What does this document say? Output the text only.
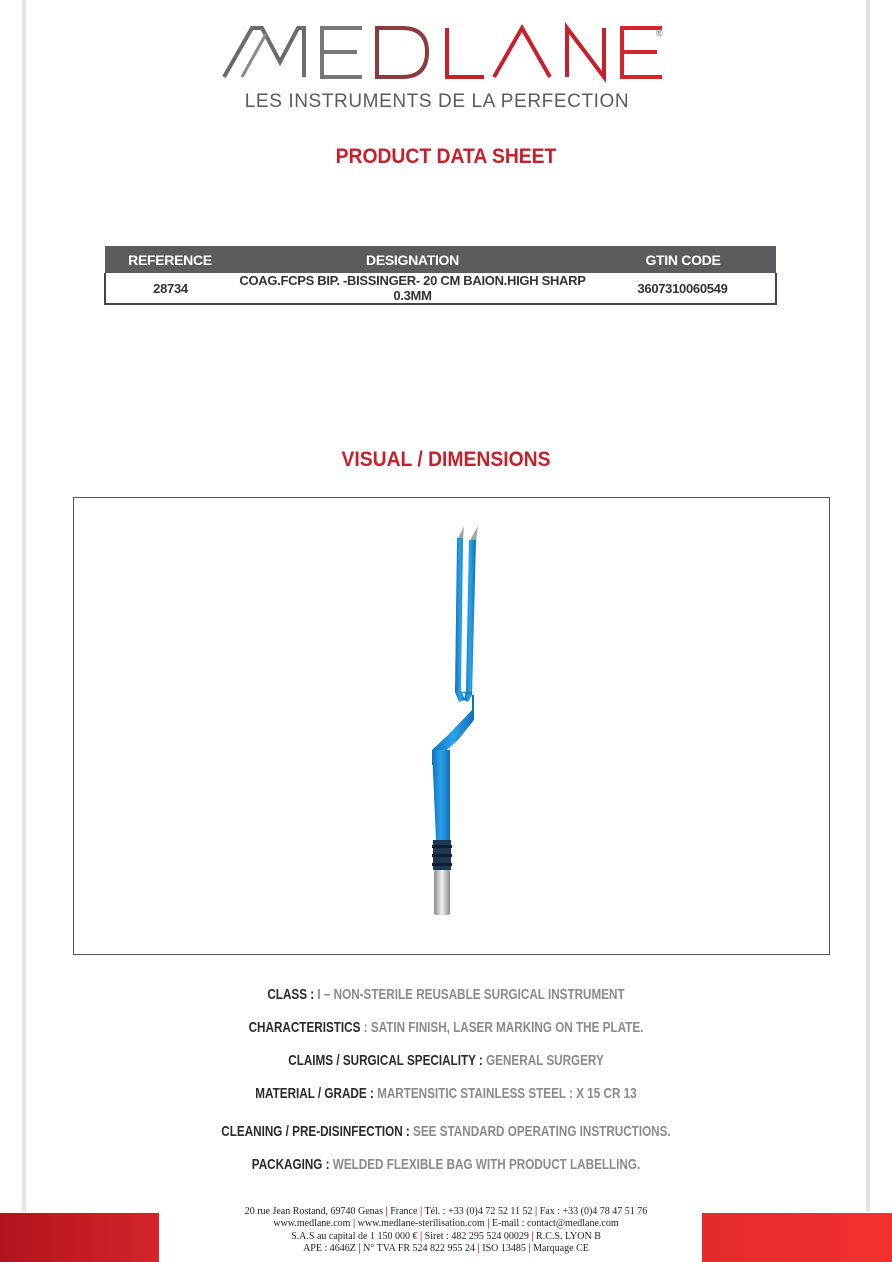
®
LES INSTRUMENTS DE LA PERFECTION
PRODUCT DATA SHEET
REFERENCE	DESIGNATION	GTIN CODE
28734	COAG.FCPS BIP. -BISSINGER- 20 CM BAION.HIGH SHARP 0.3MM	3607310060549
VISUAL / DIMENSIONS
CLASS : I – NON-STERILE REUSABLE SURGICAL INSTRUMENT
CHARACTERISTICS : SATIN FINISH, LASER MARKING ON THE PLATE.
CLAIMS / SURGICAL SPECIALITY : GENERAL SURGERY
MATERIAL / GRADE : MARTENSITIC STAINLESS STEEL : X 15 CR 13
CLEANING / PRE-DISINFECTION : SEE STANDARD OPERATING INSTRUCTIONS.
PACKAGING : WELDED FLEXIBLE BAG WITH PRODUCT LABELLING.
20 rue Jean Rostand, 69740 Genas | France | Tél. : +33 (0)4 72 52 11 52 | Fax : +33 (0)4 78 47 51 76
www.medlane.com | www.medlane-sterilisation.com | E-mail : contact@medlane.com
S.A.S au capital de 1 150 000 € | Siret : 482 295 524 00029 | R.C.S. LYON B
APE : 4646Z | N° TVA FR 524 822 955 24 | ISO 13485 | Marquage CE
